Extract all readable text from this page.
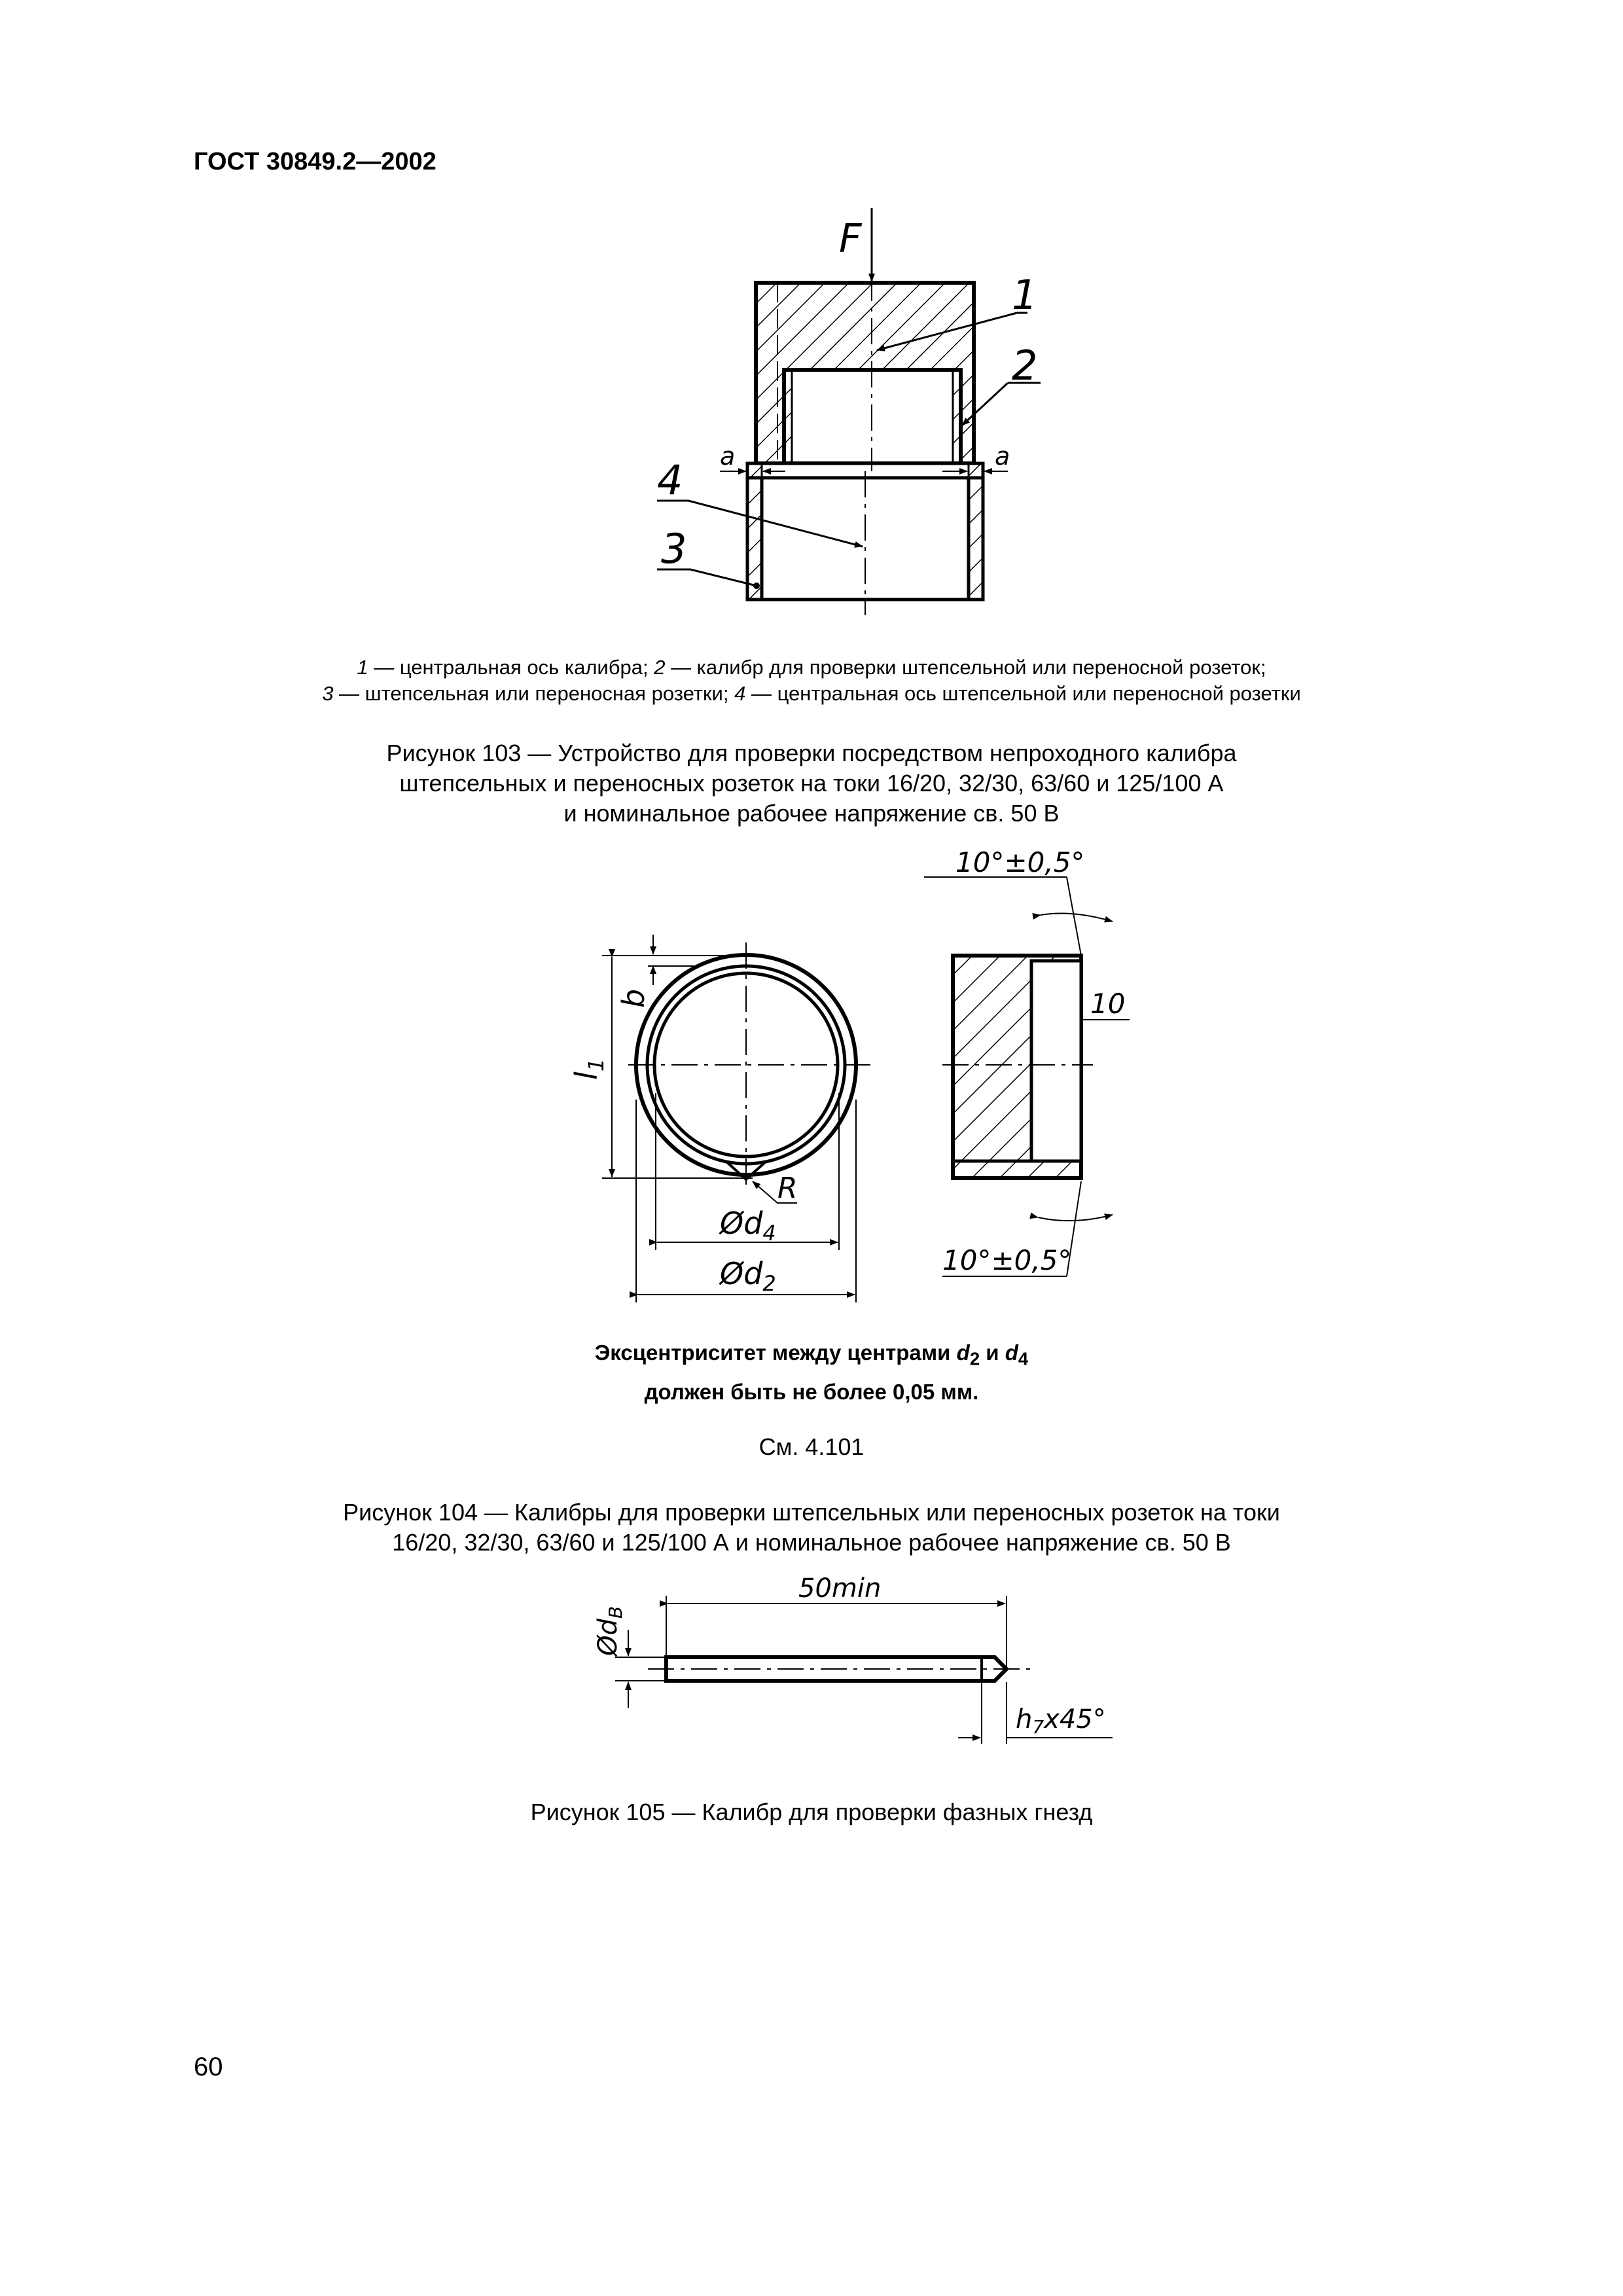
ГОСТ 30849.2—2002
F
1
2
4
3
a	a
1 — центральная ось калибра; 2 — калибр для проверки штепсельной или переносной розеток;
3 — штепсельная или переносная розетки; 4 — центральная ось штепсельной или переносной розетки
Рисунок 103 — Устройство для проверки посредством непроходного калибра
штепсельных и переносных розеток на токи 16/20, 32/30, 63/60 и 125/100 А
и номинальное рабочее напряжение св. 50 В
$l_1$
b
R
$Ød_4$
$Ød_2$
10°±0,5°
10
10°±0,5°
Эксцентриситет между центрами $d_2$ и $d_4$
должен быть не более 0,05 мм.
См. 4.101
Рисунок 104 — Калибры для проверки штепсельных или переносных розеток на токи
16/20, 32/30, 63/60 и 125/100 А и номинальное рабочее напряжение св. 50 В
50min
$Ød_B$
$h_7x45^\circ$
Рисунок 105 — Калибр для проверки фазных гнезд
60
